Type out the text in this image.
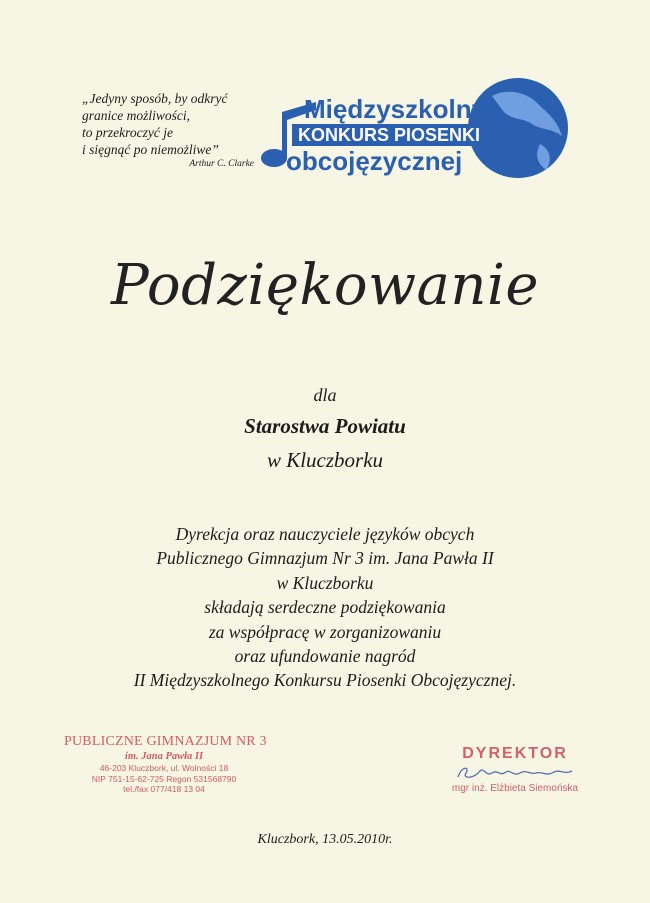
„Jedyny sposób, by odkryć
granice możliwości,
to przekroczyć je
i sięgnąć po niemożliwe”
Arthur C. Clarke
Międzyszkolny
KONKURS PIOSENKI
obcojęzycznej
Podziękowanie
dla
Starostwa Powiatu
w Kluczborku
Dyrekcja oraz nauczyciele języków obcych
Publicznego Gimnazjum Nr 3 im. Jana Pawła II
w Kluczborku
składają serdeczne podziękowania
za współpracę w zorganizowaniu
oraz ufundowanie nagród
II Międzyszkolnego Konkursu Piosenki Obcojęzycznej.
PUBLICZNE GIMNAZJUM NR 3
im. Jana Pawła II
46-203 Kluczbork, ul. Wolności 18
NIP 751-15-62-725 Regon 531568790
tel./fax 077/418 13 04
DYREKTOR
mgr inż. Elżbieta Siemońska
Kluczbork, 13.05.2010r.
